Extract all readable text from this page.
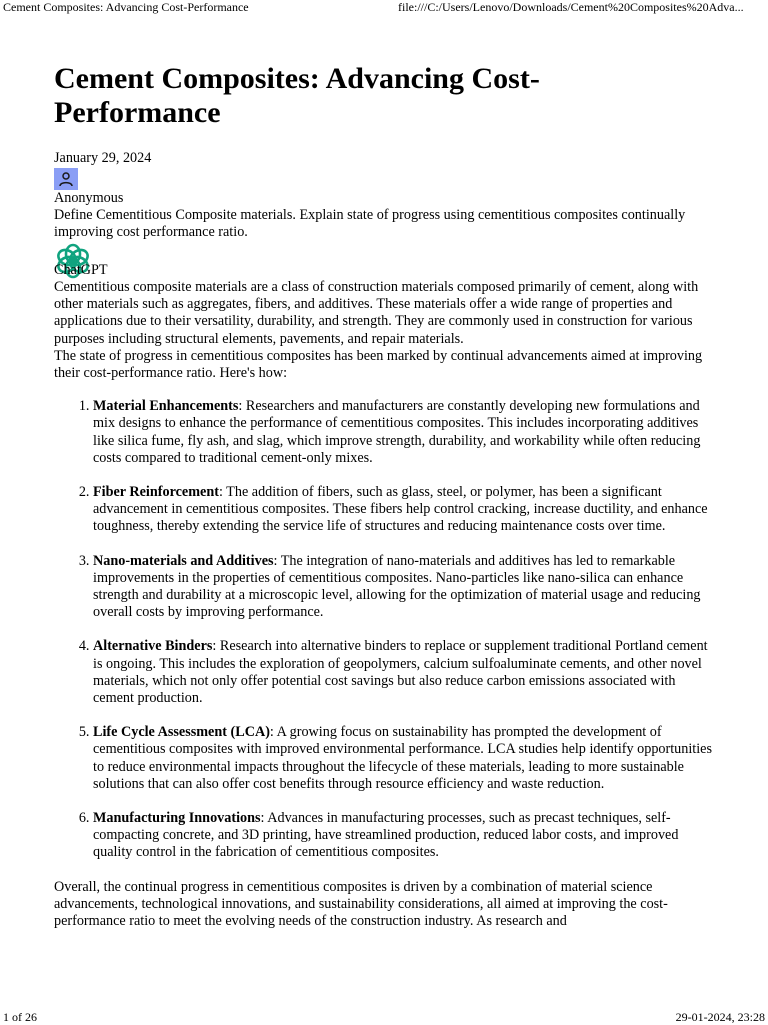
Cement Composites: Advancing Cost-Performance	file:///C:/Users/Lenovo/Downloads/Cement%20Composites%20Adva...
Cement Composites: Advancing Cost-Performance
January 29, 2024
Anonymous
Define Cementitious Composite materials. Explain state of progress using cementitious composites continually improving cost performance ratio.
ChatGPT

Cementitious composite materials are a class of construction materials composed primarily of cement, along with other materials such as aggregates, fibers, and additives. These materials offer a wide range of properties and applications due to their versatility, durability, and strength. They are commonly used in construction for various purposes including structural elements, pavements, and repair materials.

The state of progress in cementitious composites has been marked by continual advancements aimed at improving their cost-performance ratio. Here's how:

1. Material Enhancements: Researchers and manufacturers are constantly developing new formulations and mix designs to enhance the performance of cementitious composites. This includes incorporating additives like silica fume, fly ash, and slag, which improve strength, durability, and workability while often reducing costs compared to traditional cement-only mixes.
2. Fiber Reinforcement: The addition of fibers, such as glass, steel, or polymer, has been a significant advancement in cementitious composites. These fibers help control cracking, increase ductility, and enhance toughness, thereby extending the service life of structures and reducing maintenance costs over time.
3. Nano-materials and Additives: The integration of nano-materials and additives has led to remarkable improvements in the properties of cementitious composites. Nano-particles like nano-silica can enhance strength and durability at a microscopic level, allowing for the optimization of material usage and reducing overall costs by improving performance.
4. Alternative Binders: Research into alternative binders to replace or supplement traditional Portland cement is ongoing. This includes the exploration of geopolymers, calcium sulfoaluminate cements, and other novel materials, which not only offer potential cost savings but also reduce carbon emissions associated with cement production.
5. Life Cycle Assessment (LCA): A growing focus on sustainability has prompted the development of cementitious composites with improved environmental performance. LCA studies help identify opportunities to reduce environmental impacts throughout the lifecycle of these materials, leading to more sustainable solutions that can also offer cost benefits through resource efficiency and waste reduction.
6. Manufacturing Innovations: Advances in manufacturing processes, such as precast techniques, self-compacting concrete, and 3D printing, have streamlined production, reduced labor costs, and improved quality control in the fabrication of cementitious composites.

Overall, the continual progress in cementitious composites is driven by a combination of material science advancements, technological innovations, and sustainability considerations, all aimed at improving the cost-performance ratio to meet the evolving needs of the construction industry. As research and

1 of 26	29-01-2024, 23:28
